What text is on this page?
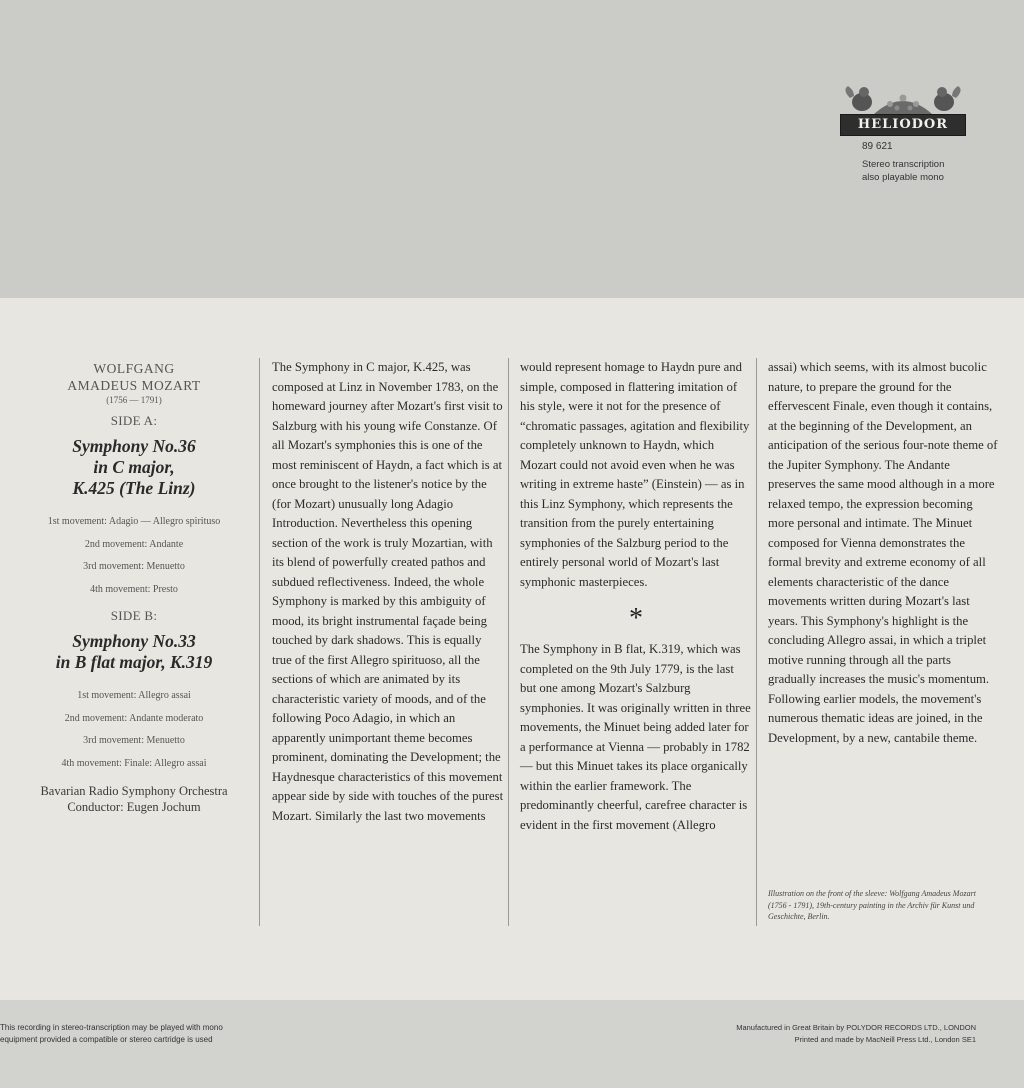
HELIODOR
89 621
Stereo transcription
also playable mono
WOLFGANG
AMADEUS MOZART
(1756 — 1791)
SIDE A:
Symphony No.36
in C major,
K.425 (The Linz)
1st movement: Adagio — Allegro spirituso
2nd movement: Andante
3rd movement: Menuetto
4th movement: Presto
SIDE B:
Symphony No.33
in B flat major, K.319
1st movement: Allegro assai
2nd movement: Andante moderato
3rd movement: Menuetto
4th movement: Finale: Allegro assai
Bavarian Radio Symphony Orchestra
Conductor: Eugen Jochum

The Symphony in C major, K.425, was composed at Linz in November 1783, on the homeward journey after Mozart's first visit to Salzburg with his young wife Constanze. Of all Mozart's symphonies this is one of the most reminiscent of Haydn, a fact which is at once brought to the listener's notice by the (for Mozart) unusually long Adagio Introduction. Nevertheless this opening section of the work is truly Mozartian, with its blend of powerfully created pathos and subdued reflectiveness. Indeed, the whole Symphony is marked by this ambiguity of mood, its bright instrumental façade being touched by dark shadows. This is equally true of the first Allegro spirituoso, all the sections of which are animated by its characteristic variety of moods, and of the following Poco Adagio, in which an apparently unimportant theme becomes prominent, dominating the Development; the Haydnesque characteristics of this movement appear side by side with touches of the purest Mozart. Similarly the last two movements

would represent homage to Haydn pure and simple, composed in flattering imitation of his style, were it not for the presence of “chromatic passages, agitation and flexibility completely unknown to Haydn, which Mozart could not avoid even when he was writing in extreme haste” (Einstein) — as in this Linz Symphony, which represents the transition from the purely entertaining symphonies of the Salzburg period to the entirely personal world of Mozart's last symphonic masterpieces.

*

The Symphony in B flat, K.319, which was completed on the 9th July 1779, is the last but one among Mozart's Salzburg symphonies. It was originally written in three movements, the Minuet being added later for a performance at Vienna — probably in 1782 — but this Minuet takes its place organically within the earlier framework. The predominantly cheerful, carefree character is evident in the first movement (Allegro

assai) which seems, with its almost bucolic nature, to prepare the ground for the effervescent Finale, even though it contains, at the beginning of the Development, an anticipation of the serious four-note theme of the Jupiter Symphony. The Andante preserves the same mood although in a more relaxed tempo, the expression becoming more personal and intimate. The Minuet composed for Vienna demonstrates the formal brevity and extreme economy of all elements characteristic of the dance movements written during Mozart's last years. This Symphony's highlight is the concluding Allegro assai, in which a triplet motive running through all the parts gradually increases the music's momentum. Following earlier models, the movement's numerous thematic ideas are joined, in the Development, by a new, cantabile theme.

Illustration on the front of the sleeve: Wolfgang Amadeus Mozart (1756 - 1791), 19th-century painting in the Archiv für Kunst und Geschichte, Berlin.
This recording in stereo-transcription may be played with mono
equipment provided a compatible or stereo cartridge is used
Manufactured in Great Britain by POLYDOR RECORDS LTD., LONDON
Printed and made by MacNeill Press Ltd., London SE1
